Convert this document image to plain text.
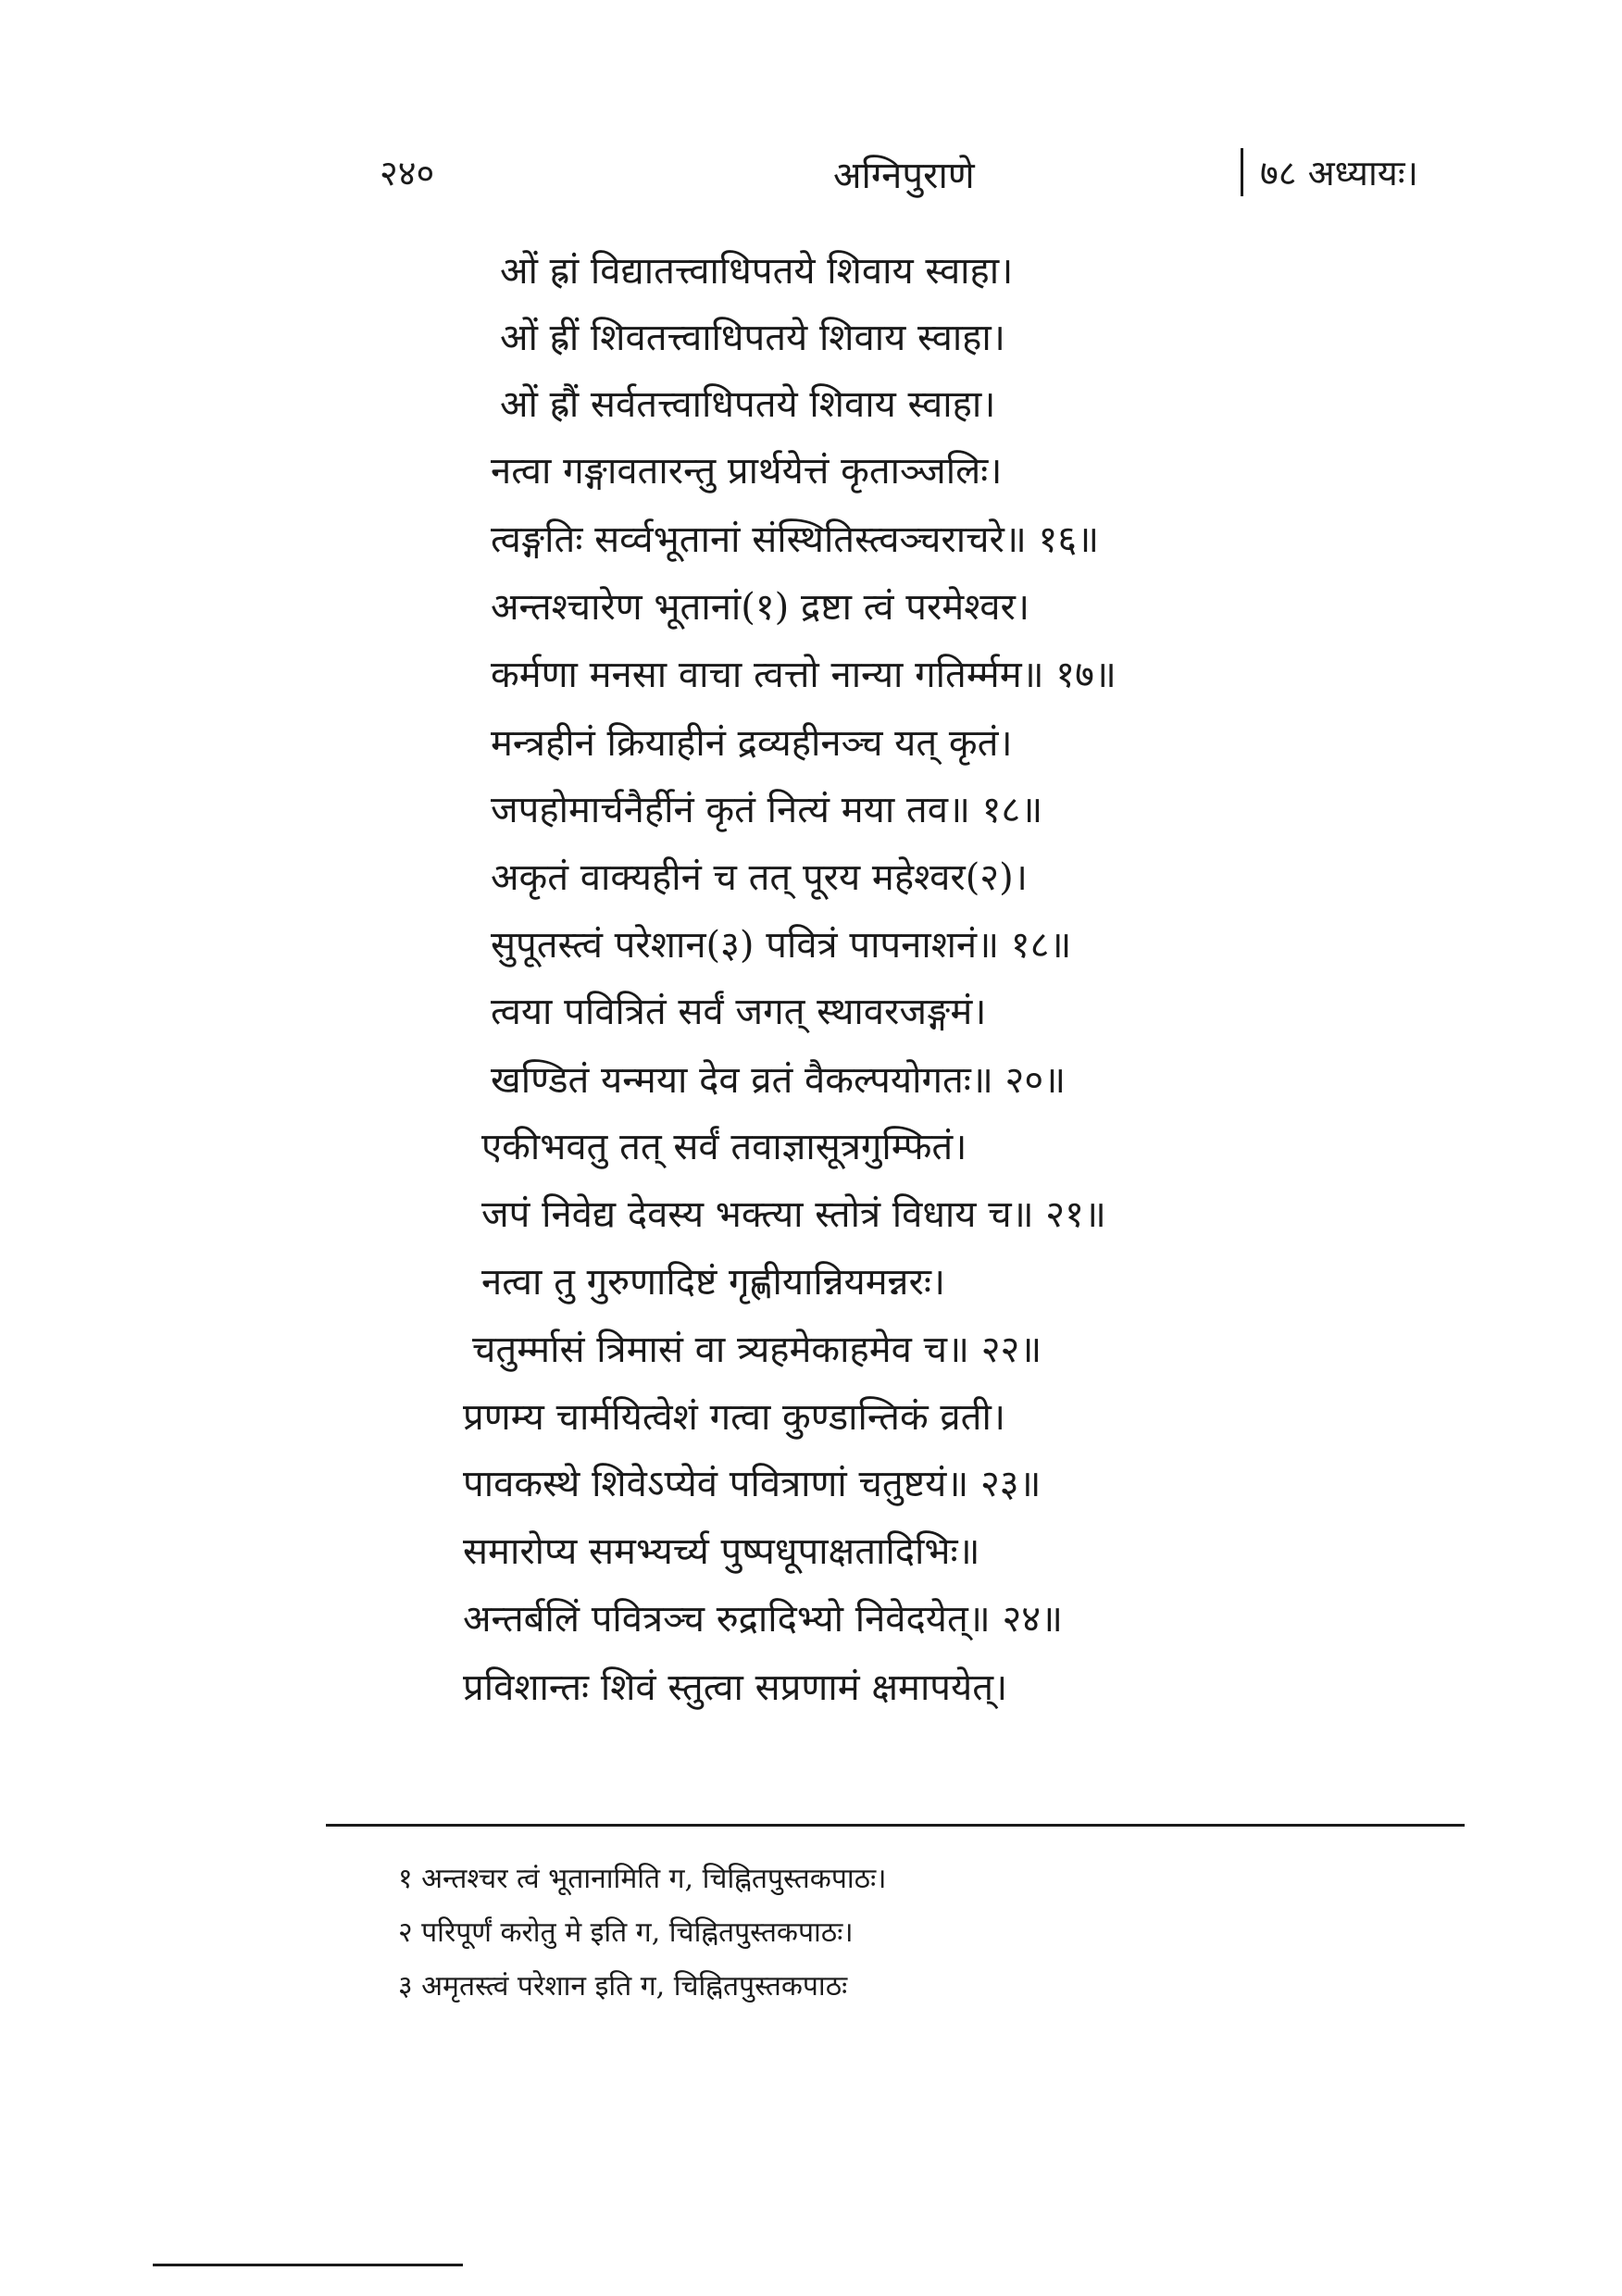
२४०	अग्निपुराणे	७८ अध्यायः।
ओं ह्रां विद्यातत्त्वाधिपतये शिवाय स्वाहा।
ओं ह्रीं शिवतत्त्वाधिपतये शिवाय स्वाहा।
ओं ह्रौं सर्वतत्त्वाधिपतये शिवाय स्वाहा।
नत्वा गङ्गावतारन्तु प्रार्थयेत्तं कृताञ्जलिः।
त्वङ्गतिः सर्व्वभूतानां संस्थितिस्त्वञ्चराचरे॥ १६॥
अन्तश्चारेण भूतानां(१) द्रष्टा त्वं परमेश्वर।
कर्मणा मनसा वाचा त्वत्तो नान्या गतिर्म्मम॥ १७॥
मन्त्रहीनं क्रियाहीनं द्रव्यहीनञ्च यत् कृतं।
जपहोमार्चनैर्हीनं कृतं नित्यं मया तव॥ १८॥
अकृतं वाक्यहीनं च तत् पूरय महेश्वर(२)।
सुपूतस्त्वं परेशान(३) पवित्रं पापनाशनं॥ १८॥
त्वया पवित्रितं सर्वं जगत् स्थावरजङ्गमं।
खण्डितं यन्मया देव व्रतं वैकल्पयोगतः॥ २०॥
एकीभवतु तत् सर्वं तवाज्ञासूत्रगुम्फितं।
जपं निवेद्य देवस्य भक्त्या स्तोत्रं विधाय च॥ २१॥
नत्वा तु गुरुणादिष्टं गृह्णीयान्नियमन्नरः।
चतुर्म्मासं त्रिमासं वा त्र्यहमेकाहमेव च॥ २२॥
प्रणम्य चार्मयित्वेशं गत्वा कुण्डान्तिकं व्रती।
पावकस्थे शिवेऽप्येवं पवित्राणां चतुष्टयं॥ २३॥
समारोप्य समभ्यर्च्य पुष्पधूपाक्षतादिभिः॥
अन्तर्बलिं पवित्रञ्च रुद्रादिभ्यो निवेदयेत्॥ २४॥
प्रविशान्तः शिवं स्तुत्वा सप्रणामं क्षमापयेत्।
१ अन्तश्चर त्वं भूतानामिति ग, चिह्नितपुस्तकपाठः।
२ परिपूर्णं करोतु मे इति ग, चिह्नितपुस्तकपाठः।
३ अमृतस्त्वं परेशान इति ग, चिह्नितपुस्तकपाठः
